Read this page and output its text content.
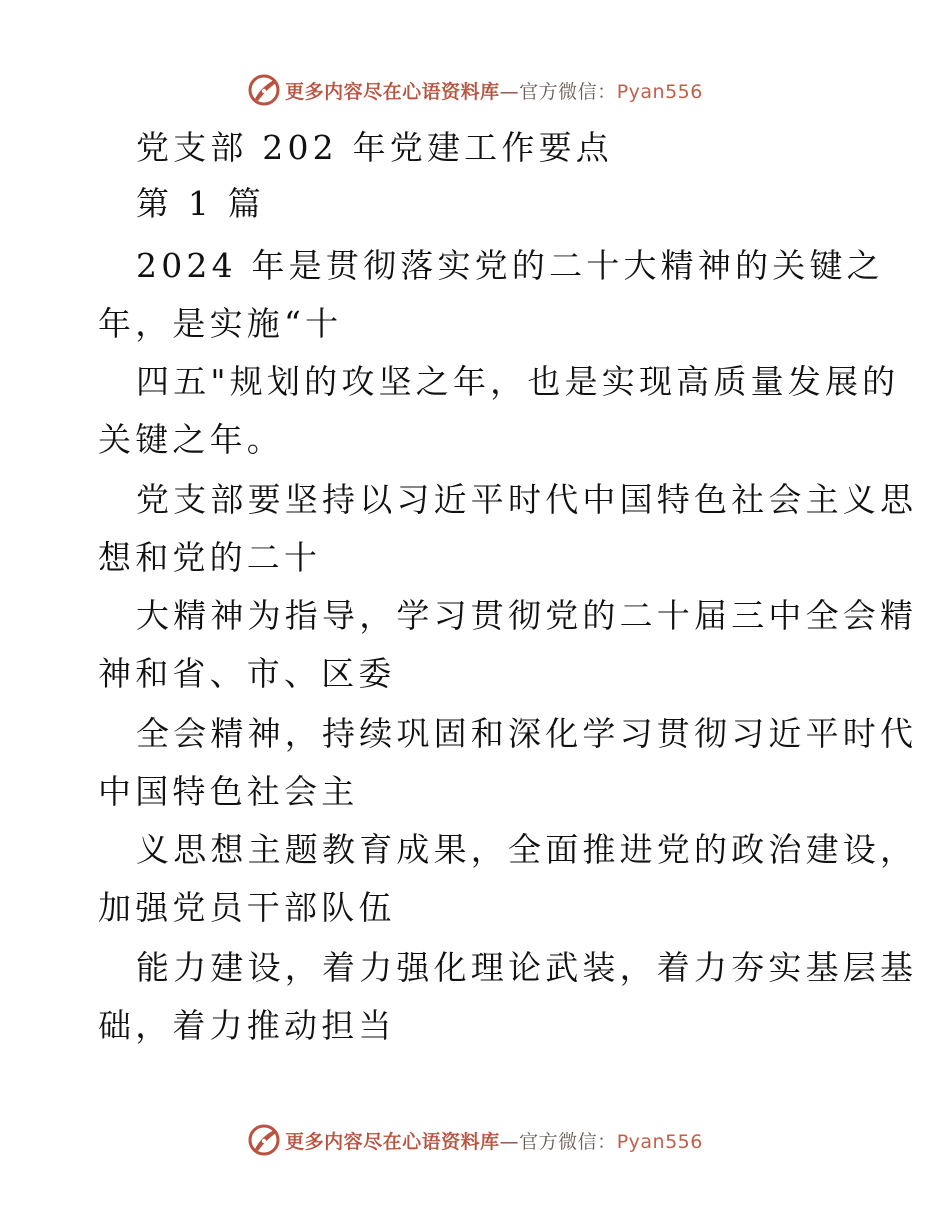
更多内容尽在心语资料库—官方微信：Pyan556
党支部 202 年党建工作要点
第 1 篇
2024 年是贯彻落实党的二十大精神的关键之
年，是实施“十
四五"规划的攻坚之年，也是实现高质量发展的
关键之年。
党支部要坚持以习近平时代中国特色社会主义思
想和党的二十
大精神为指导，学习贯彻党的二十届三中全会精
神和省、市、区委
全会精神，持续巩固和深化学习贯彻习近平时代
中国特色社会主
义思想主题教育成果，全面推进党的政治建设，
加强党员干部队伍
能力建设，着力强化理论武装，着力夯实基层基
础，着力推动担当
更多内容尽在心语资料库—官方微信：Pyan556
